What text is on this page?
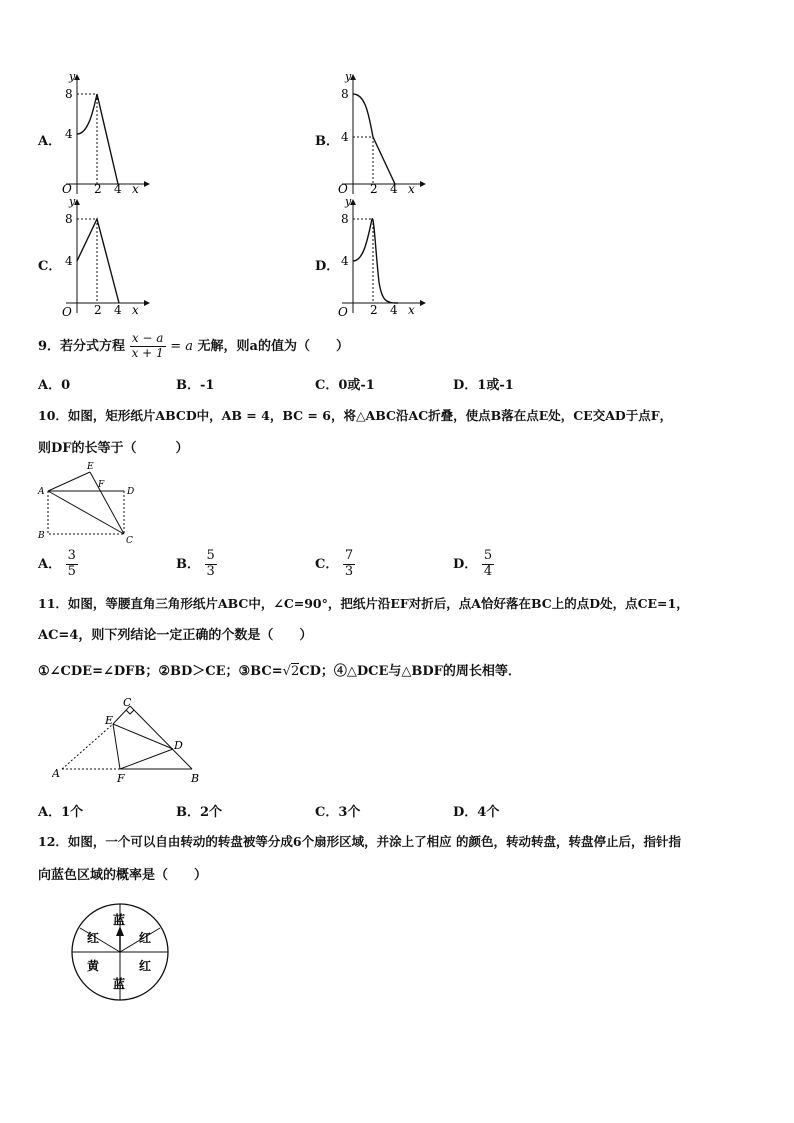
A．
y
8
4
O 2 4 x
B．
y
8
4
O 2 4 x
C．
y
8
4
O 2 4 x
D．
y
8
4
O 2 4 x
9．若分式方程 $\frac{x - a}{x + 1} = a$ 无解，则a的值为（　　）
A．0	B．-1	C．0或-1	D．1或-1
10．如图，矩形纸片ABCD中，AB = 4，BC = 6，将△ABC沿AC折叠，使点B落在点E处，CE交AD于点F，
则DF的长等于（　　　）
A
B	C
D
E
F
A． $\frac{3}{5}$	B． $\frac{5}{3}$	C． $\frac{7}{3}$	D． $\frac{5}{4}$
11．如图，等腰直角三角形纸片ABC中，∠C=90°，把纸片沿EF对折后，点A恰好落在BC上的点D处，点CE=1，
AC=4，则下列结论一定正确的个数是（　　）
①∠CDE=∠DFB；②BD＞CE；③BC=√2CD；④△DCE与△BDF的周长相等．
A	B
C
D
E
F
A．1个	B．2个	C．3个	D．4个
12．如图，一个可以自由转动的转盘被等分成6个扇形区域，并涂上了相应 的颜色，转动转盘，转盘停止后，指针指
向蓝色区域的概率是（　　）
蓝
红
红
蓝
黄
红
